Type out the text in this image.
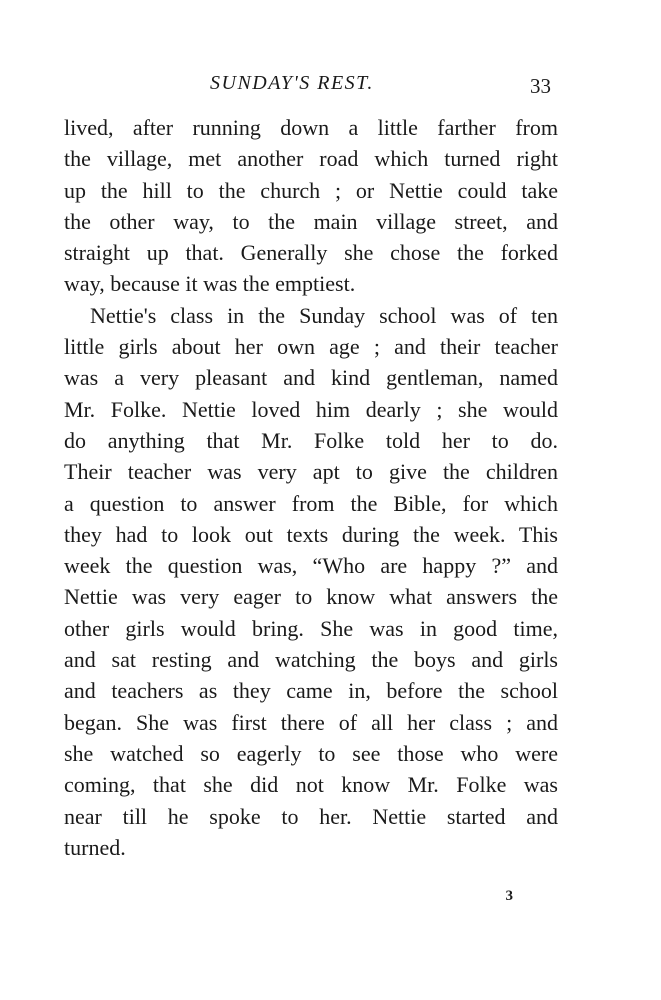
SUNDAY'S REST.	33
lived, after running down a little farther from
the village, met another road which turned right
up the hill to the church ; or Nettie could take
the other way, to the main village street, and
straight up that. Generally she chose the forked
way, because it was the emptiest.
Nettie's class in the Sunday school was of ten
little girls about her own age ; and their teacher
was a very pleasant and kind gentleman, named
Mr. Folke. Nettie loved him dearly ; she would
do anything that Mr. Folke told her to do.
Their teacher was very apt to give the children
a question to answer from the Bible, for which
they had to look out texts during the week. This
week the question was, “Who are happy ?” and
Nettie was very eager to know what answers the
other girls would bring. She was in good time,
and sat resting and watching the boys and girls
and teachers as they came in, before the school
began. She was first there of all her class ; and
she watched so eagerly to see those who were
coming, that she did not know Mr. Folke was
near till he spoke to her. Nettie started and
turned.
3
